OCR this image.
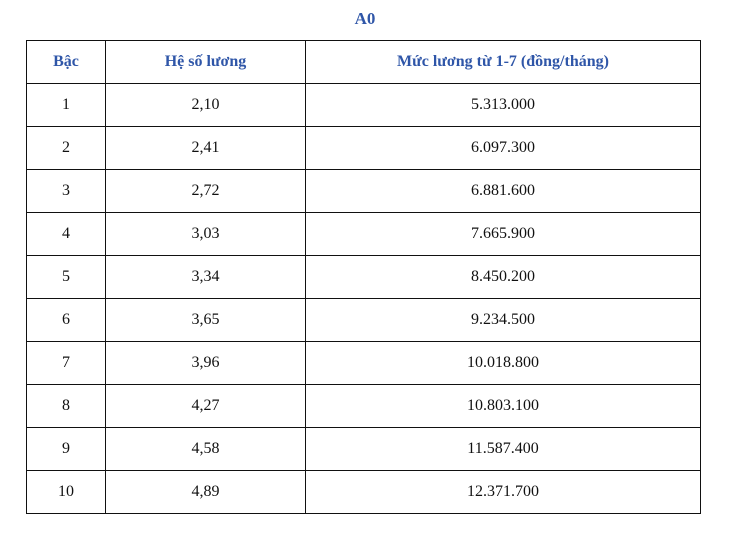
A0
Bậc	Hệ số lương	Mức lương từ 1-7 (đồng/tháng)
1	2,10	5.313.000
2	2,41	6.097.300
3	2,72	6.881.600
4	3,03	7.665.900
5	3,34	8.450.200
6	3,65	9.234.500
7	3,96	10.018.800
8	4,27	10.803.100
9	4,58	11.587.400
10	4,89	12.371.700
